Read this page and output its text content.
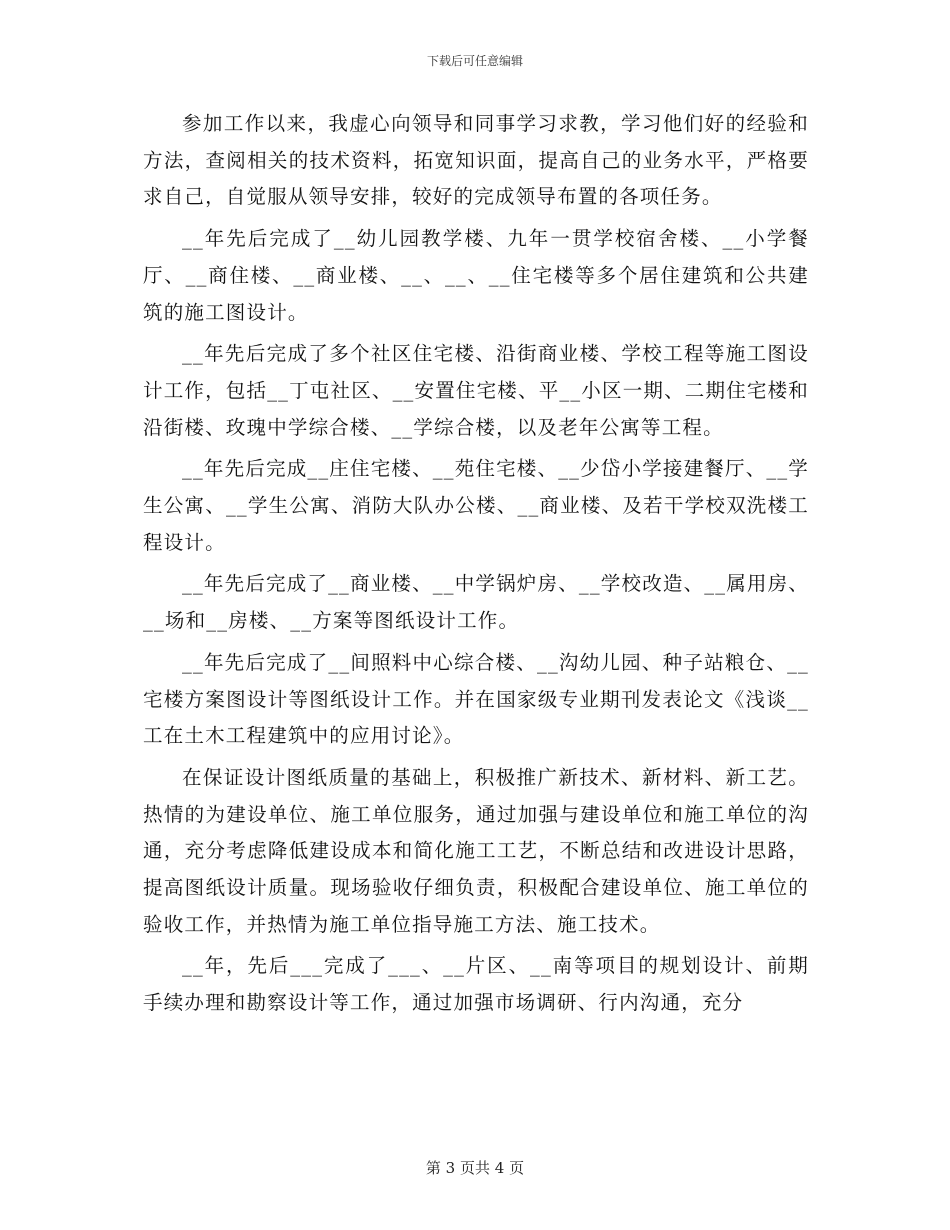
下载后可任意编辑

参加工作以来，我虚心向领导和同事学习求教，学习他们好的经验和方法，查阅相关的技术资料，拓宽知识面，提高自己的业务水平，严格要求自己，自觉服从领导安排，较好的完成领导布置的各项任务。

__年先后完成了__幼儿园教学楼、九年一贯学校宿舍楼、__小学餐厅、__商住楼、__商业楼、__、__、__住宅楼等多个居住建筑和公共建筑的施工图设计。

__年先后完成了多个社区住宅楼、沿街商业楼、学校工程等施工图设计工作，包括__丁屯社区、__安置住宅楼、平__小区一期、二期住宅楼和沿街楼、玫瑰中学综合楼、__学综合楼，以及老年公寓等工程。

__年先后完成__庄住宅楼、__苑住宅楼、__少岱小学接建餐厅、__学生公寓、__学生公寓、消防大队办公楼、__商业楼、及若干学校双洗楼工程设计。

__年先后完成了__商业楼、__中学锅炉房、__学校改造、__属用房、__场和__房楼、__方案等图纸设计工作。

__年先后完成了__间照料中心综合楼、__沟幼儿园、种子站粮仓、__宅楼方案图设计等图纸设计工作。并在国家级专业期刊发表论文《浅谈__工在土木工程建筑中的应用讨论》。

在保证设计图纸质量的基础上，积极推广新技术、新材料、新工艺。热情的为建设单位、施工单位服务，通过加强与建设单位和施工单位的沟通，充分考虑降低建设成本和简化施工工艺，不断总结和改进设计思路，提高图纸设计质量。现场验收仔细负责，积极配合建设单位、施工单位的验收工作，并热情为施工单位指导施工方法、施工技术。

__年，先后___完成了___、__片区、__南等项目的规划设计、前期手续办理和勘察设计等工作，通过加强市场调研、行内沟通，充分

第 3 页共 4 页
